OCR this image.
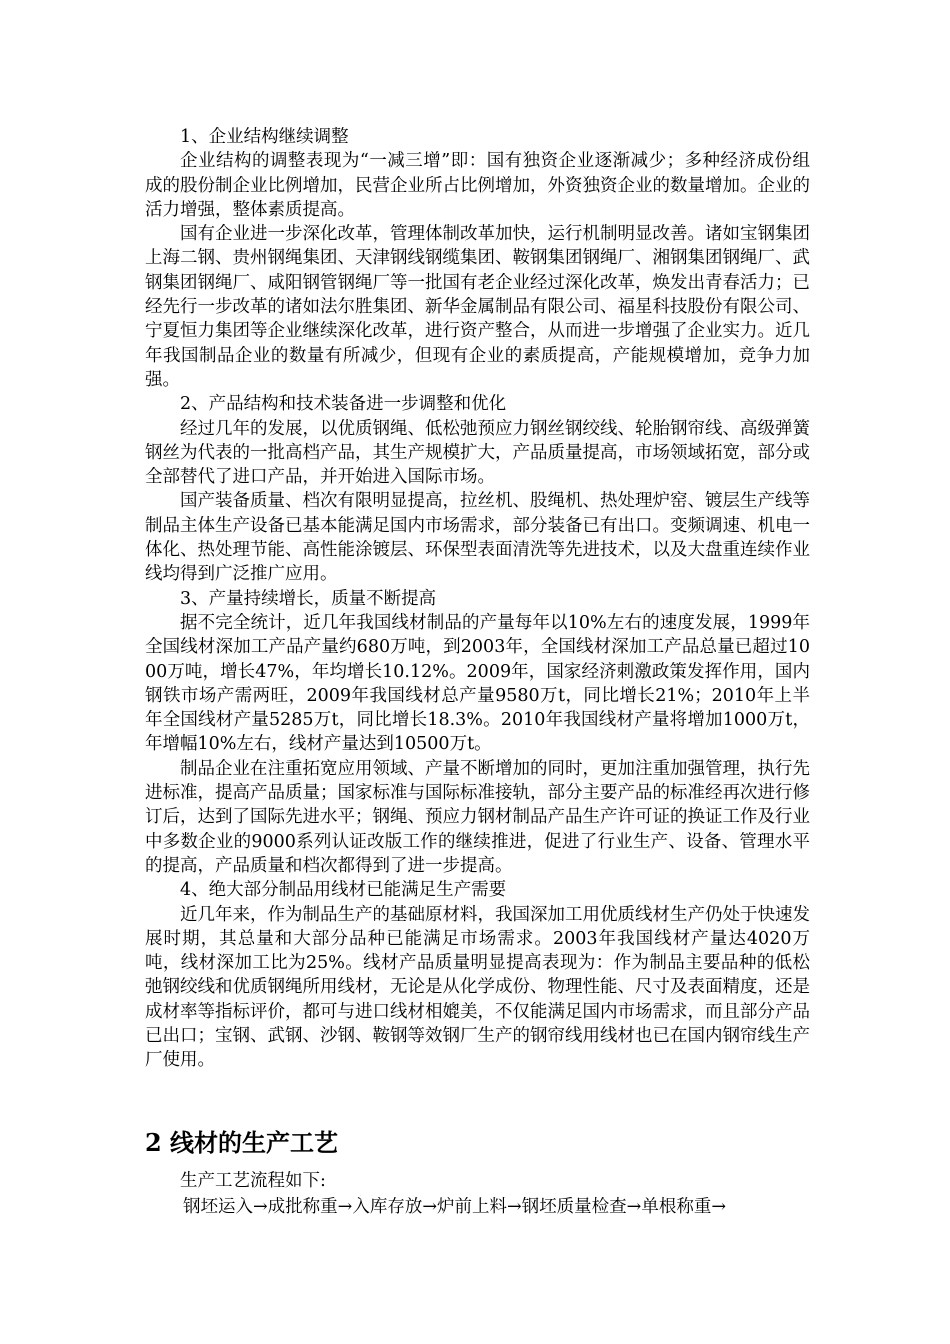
1、企业结构继续调整

企业结构的调整表现为“一减三增”即：国有独资企业逐渐减少；多种经济成份组成的股份制企业比例增加，民营企业所占比例增加，外资独资企业的数量增加。企业的活力增强，整体素质提高。

国有企业进一步深化改革，管理体制改革加快，运行机制明显改善。诸如宝钢集团上海二钢、贵州钢绳集团、天津钢线钢缆集团、鞍钢集团钢绳厂、湘钢集团钢绳厂、武钢集团钢绳厂、咸阳钢管钢绳厂等一批国有老企业经过深化改革，焕发出青春活力；已经先行一步改革的诸如法尔胜集团、新华金属制品有限公司、福星科技股份有限公司、宁夏恒力集团等企业继续深化改革，进行资产整合，从而进一步增强了企业实力。近几年我国制品企业的数量有所减少，但现有企业的素质提高，产能规模增加，竞争力加强。

2、产品结构和技术装备进一步调整和优化

经过几年的发展，以优质钢绳、低松弛预应力钢丝钢绞线、轮胎钢帘线、高级弹簧钢丝为代表的一批高档产品，其生产规模扩大，产品质量提高，市场领域拓宽，部分或全部替代了进口产品，并开始进入国际市场。

国产装备质量、档次有限明显提高，拉丝机、股绳机、热处理炉窑、镀层生产线等制品主体生产设备已基本能满足国内市场需求，部分装备已有出口。变频调速、机电一体化、热处理节能、高性能涂镀层、环保型表面清洗等先进技术，以及大盘重连续作业线均得到广泛推广应用。

3、产量持续增长，质量不断提高

据不完全统计，近几年我国线材制品的产量每年以10%左右的速度发展，1999年全国线材深加工产品产量约680万吨，到2003年，全国线材深加工产品总量已超过1000万吨，增长47%，年均增长10.12%。2009年，国家经济刺激政策发挥作用，国内钢铁市场产需两旺，2009年我国线材总产量9580万t，同比增长21%；2010年上半年全国线材产量5285万t，同比增长18.3%。2010年我国线材产量将增加1000万t，年增幅10%左右，线材产量达到10500万t。

制品企业在注重拓宽应用领域、产量不断增加的同时，更加注重加强管理，执行先进标准，提高产品质量；国家标准与国际标准接轨，部分主要产品的标准经再次进行修订后，达到了国际先进水平；钢绳、预应力钢材制品产品生产许可证的换证工作及行业中多数企业的9000系列认证改版工作的继续推进，促进了行业生产、设备、管理水平的提高，产品质量和档次都得到了进一步提高。

4、绝大部分制品用线材已能满足生产需要

近几年来，作为制品生产的基础原材料，我国深加工用优质线材生产仍处于快速发展时期，其总量和大部分品种已能满足市场需求。2003年我国线材产量达4020万吨，线材深加工比为25%。线材产品质量明显提高表现为：作为制品主要品种的低松弛钢绞线和优质钢绳所用线材，无论是从化学成份、物理性能、尺寸及表面精度，还是成材率等指标评价，都可与进口线材相媲美，不仅能满足国内市场需求，而且部分产品已出口；宝钢、武钢、沙钢、鞍钢等效钢厂生产的钢帘线用线材也已在国内钢帘线生产厂使用。

2 线材的生产工艺

生产工艺流程如下:

钢坯运入→成批称重→入库存放→炉前上料→钢坯质量检查→单根称重→
